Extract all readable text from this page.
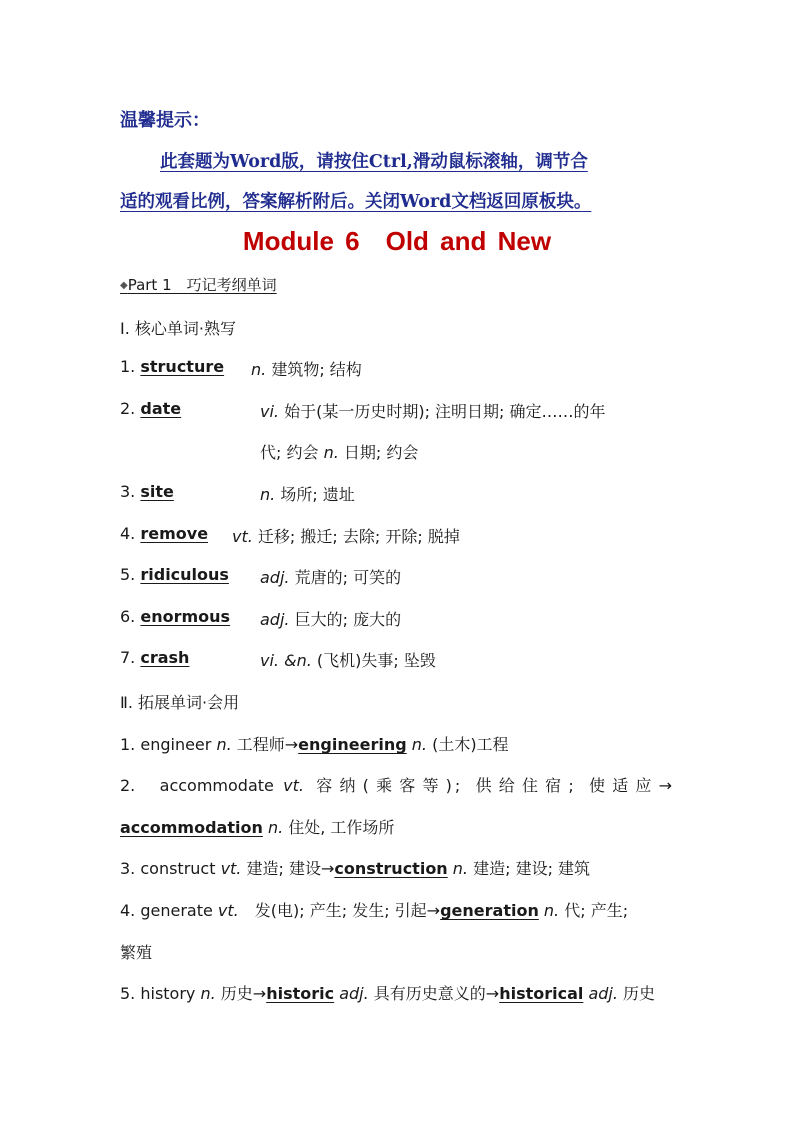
温馨提示：
此套题为Word版，请按住Ctrl,滑动鼠标滚轴，调节合
适的观看比例，答案解析附后。关闭Word文档返回原板块。
Module 6 Old and New
◆Part 1　巧记考纲单词
Ⅰ. 核心单词·熟写
1. structure n. 建筑物; 结构
2. date	vi. 始于(某一历史时期); 注明日期; 确定……的年
代; 约会 n. 日期; 约会
3. site	n. 场所; 遗址
4. remove vt. 迁移; 搬迁; 去除; 开除; 脱掉
5. ridiculous adj. 荒唐的; 可笑的
6. enormous adj. 巨大的; 庞大的
7. crash	vi. &n. (飞机)失事; 坠毁
Ⅱ. 拓展单词·会用
1. engineer n. 工程师→engineering n. (土木)工程
2.　accommodate vt. 容纳(乘客等); 供给住宿; 使适应→
accommodation n. 住处, 工作场所
3. construct vt. 建造; 建设→construction n. 建造; 建设; 建筑
4. generate vt.　发(电); 产生; 发生; 引起→generation n. 代; 产生;
繁殖
5. history n. 历史→historic adj. 具有历史意义的→historical adj. 历史
